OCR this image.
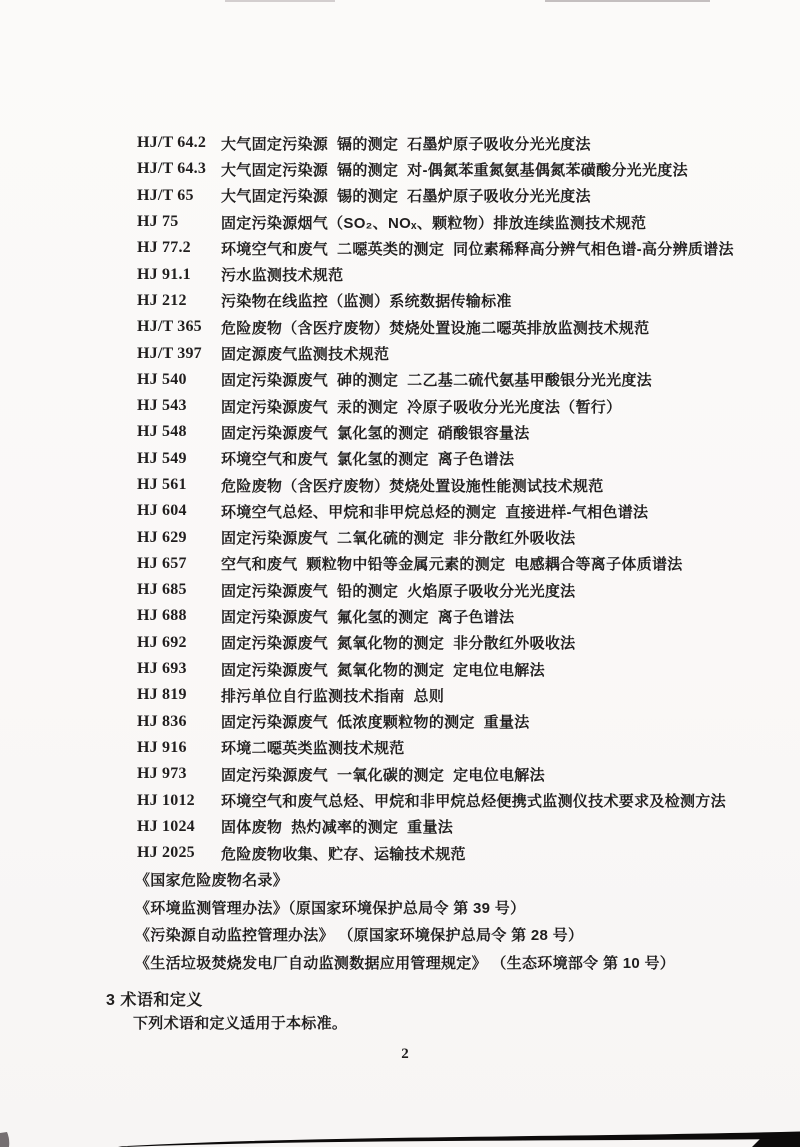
HJ/T 64.2 大气固定污染源  镉的测定  石墨炉原子吸收分光光度法
HJ/T 64.3 大气固定污染源  镉的测定  对-偶氮苯重氮氨基偶氮苯磺酸分光光度法
HJ/T 65	大气固定污染源  锡的测定  石墨炉原子吸收分光光度法
HJ 75	固定污染源烟气（SO₂、NOₓ、颗粒物）排放连续监测技术规范
HJ 77.2	环境空气和废气  二噁英类的测定  同位素稀释高分辨气相色谱-高分辨质谱法
HJ 91.1	污水监测技术规范
HJ 212	污染物在线监控（监测）系统数据传输标准
HJ/T 365	危险废物（含医疗废物）焚烧处置设施二噁英排放监测技术规范
HJ/T 397	固定源废气监测技术规范
HJ 540	固定污染源废气  砷的测定  二乙基二硫代氨基甲酸银分光光度法
HJ 543	固定污染源废气  汞的测定  冷原子吸收分光光度法（暂行）
HJ 548	固定污染源废气  氯化氢的测定  硝酸银容量法
HJ 549	环境空气和废气  氯化氢的测定  离子色谱法
HJ 561	危险废物（含医疗废物）焚烧处置设施性能测试技术规范
HJ 604	环境空气总烃、甲烷和非甲烷总烃的测定  直接进样-气相色谱法
HJ 629	固定污染源废气  二氧化硫的测定  非分散红外吸收法
HJ 657	空气和废气  颗粒物中铅等金属元素的测定  电感耦合等离子体质谱法
HJ 685	固定污染源废气  铅的测定  火焰原子吸收分光光度法
HJ 688	固定污染源废气  氟化氢的测定  离子色谱法
HJ 692	固定污染源废气  氮氧化物的测定  非分散红外吸收法
HJ 693	固定污染源废气  氮氧化物的测定  定电位电解法
HJ 819	排污单位自行监测技术指南  总则
HJ 836	固定污染源废气  低浓度颗粒物的测定  重量法
HJ 916	环境二噁英类监测技术规范
HJ 973	固定污染源废气  一氧化碳的测定  定电位电解法
HJ 1012	环境空气和废气总烃、甲烷和非甲烷总烃便携式监测仪技术要求及检测方法
HJ 1024	固体废物  热灼减率的测定  重量法
HJ 2025	危险废物收集、贮存、运输技术规范
《国家危险废物名录》
《环境监测管理办法》（原国家环境保护总局令 第 39 号）
《污染源自动监控管理办法》 （原国家环境保护总局令 第 28 号）
《生活垃圾焚烧发电厂自动监测数据应用管理规定》 （生态环境部令 第 10 号）
3 术语和定义
下列术语和定义适用于本标准。
2
